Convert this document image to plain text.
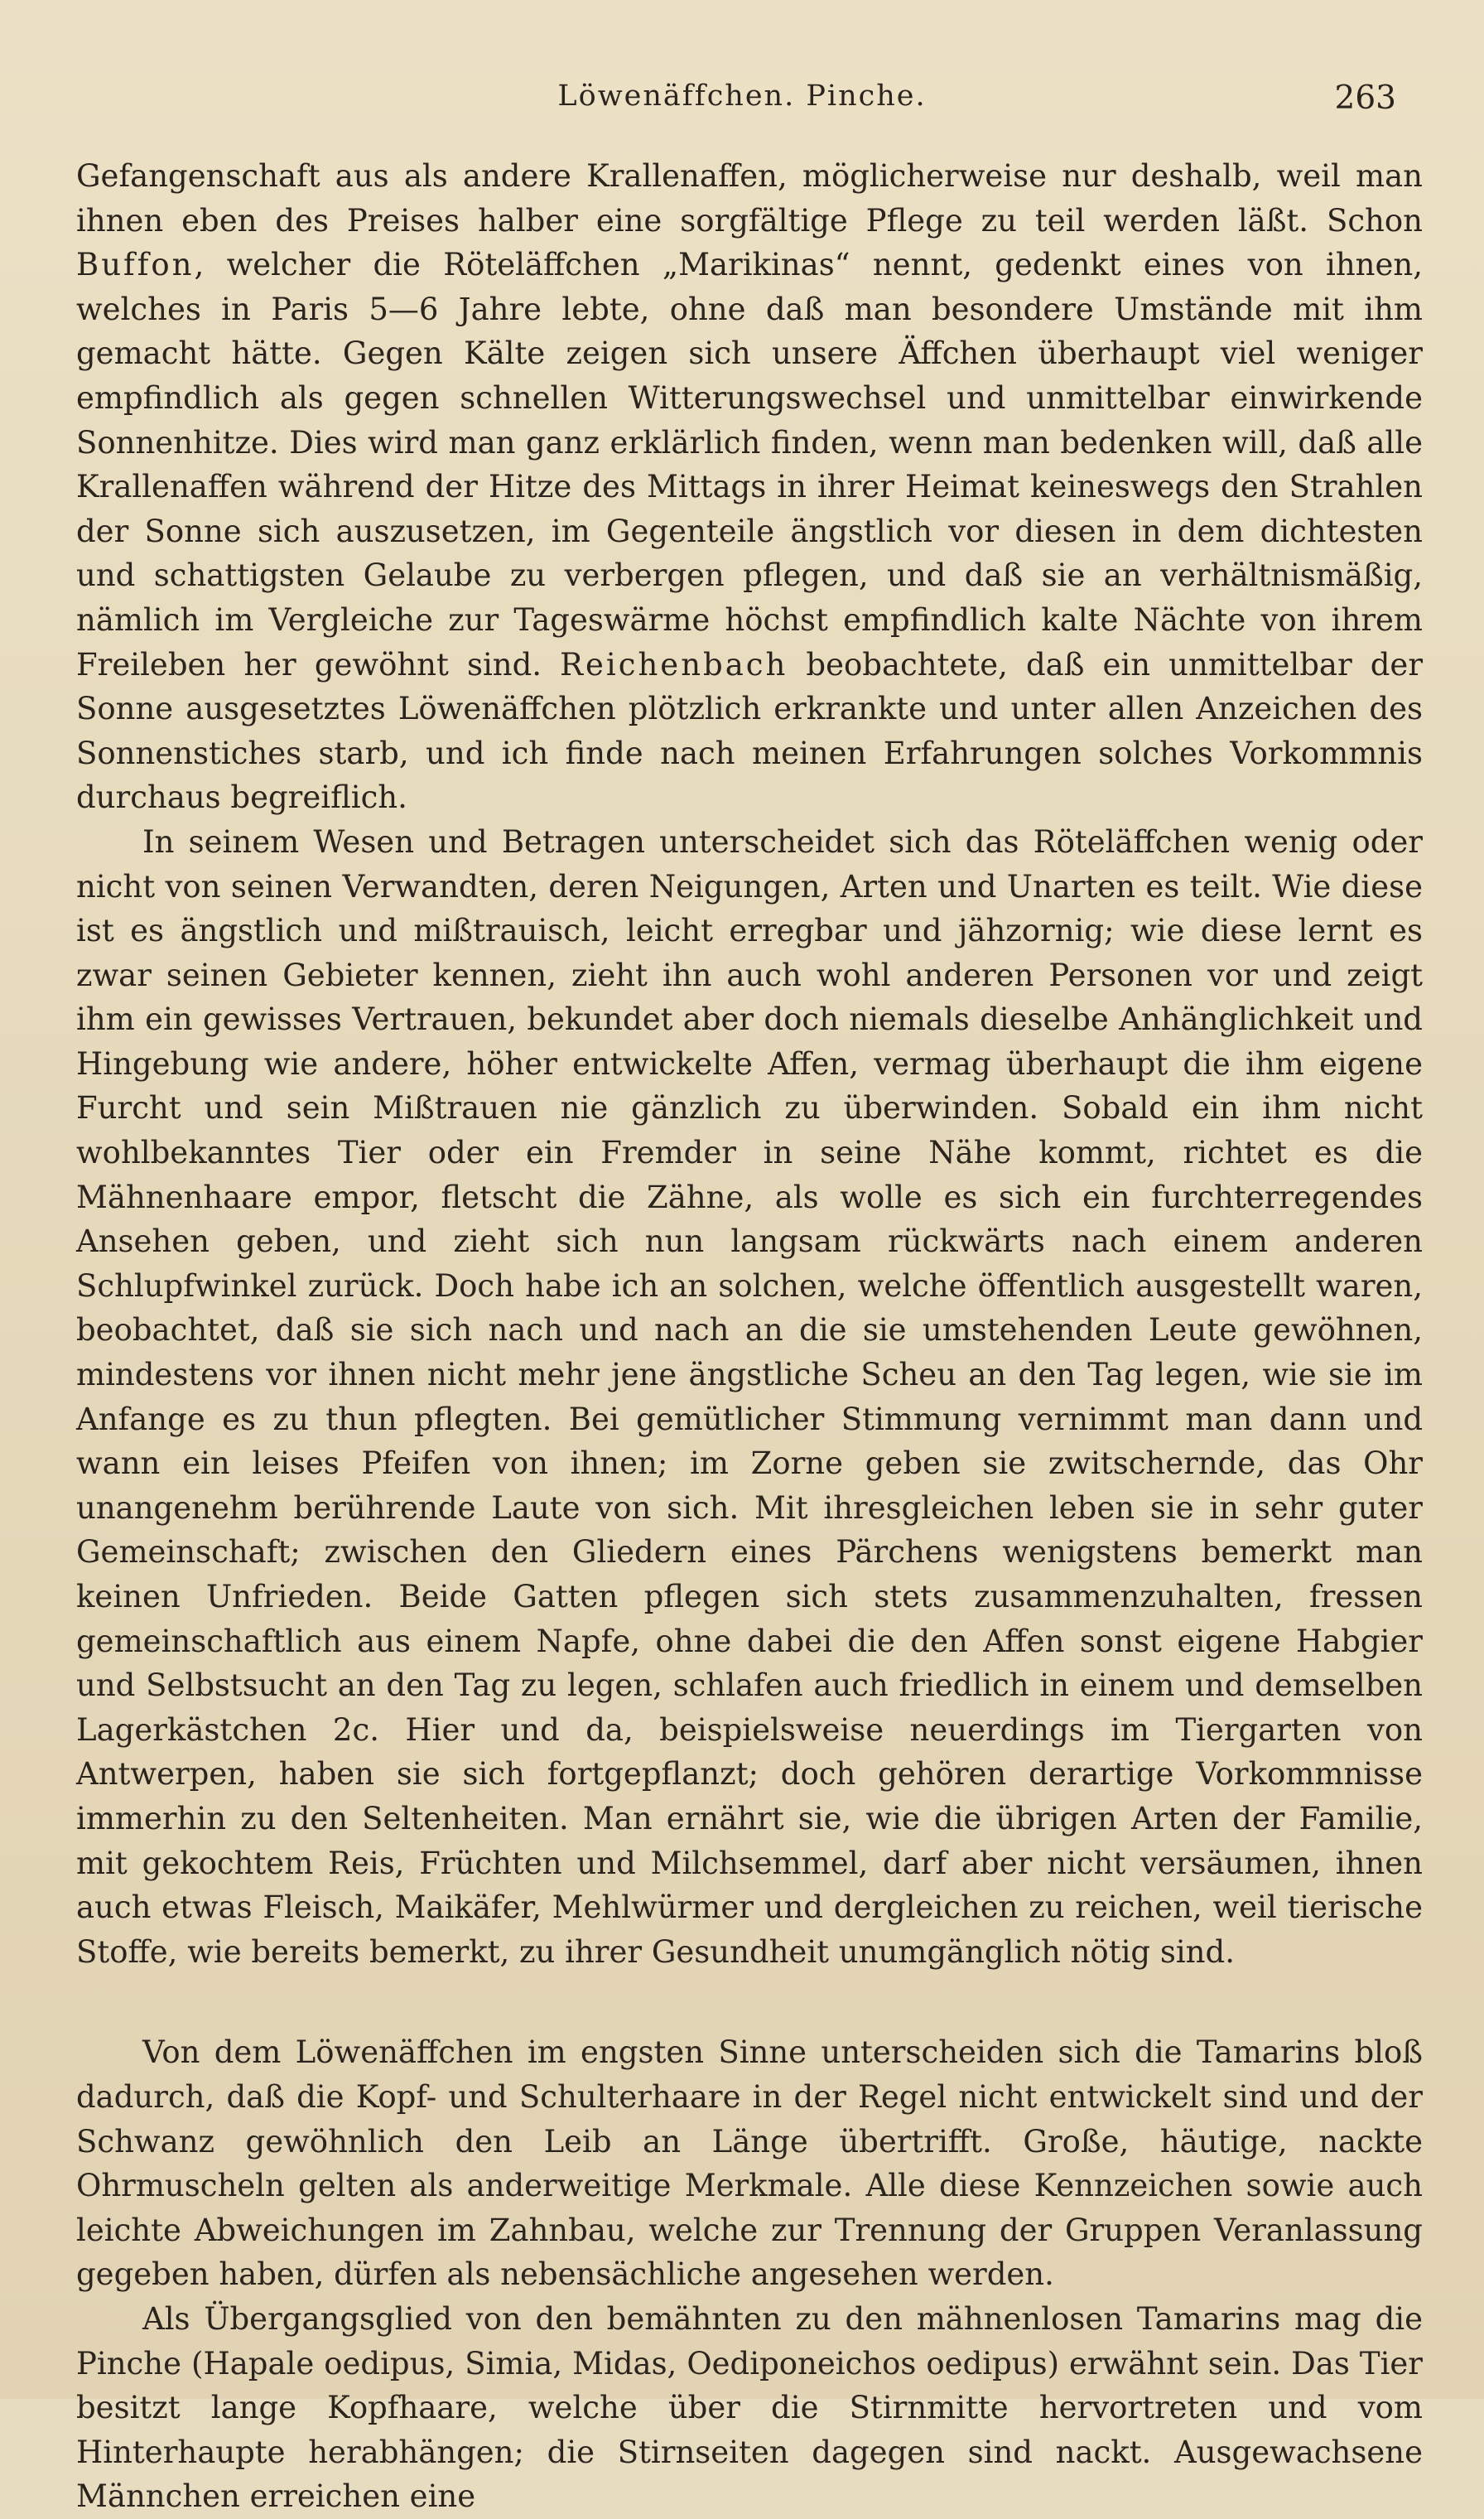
Löwenäffchen. Pinche.	263

Gefangenschaft aus als andere Krallenaffen, möglicherweise nur deshalb, weil man ihnen eben des Preises halber eine sorgfältige Pflege zu teil werden läßt. Schon Buffon, welcher die Röteläffchen „Marikinas“ nennt, gedenkt eines von ihnen, welches in Paris 5—6 Jahre lebte, ohne daß man besondere Umstände mit ihm gemacht hätte. Gegen Kälte zeigen sich unsere Äffchen überhaupt viel weniger empfindlich als gegen schnellen Witterungswechsel und unmittelbar einwirkende Sonnenhitze. Dies wird man ganz erklärlich finden, wenn man bedenken will, daß alle Krallenaffen während der Hitze des Mittags in ihrer Heimat keineswegs den Strahlen der Sonne sich auszusetzen, im Gegenteile ängstlich vor diesen in dem dichtesten und schattigsten Gelaube zu verbergen pflegen, und daß sie an verhältnismäßig, nämlich im Vergleiche zur Tageswärme höchst empfindlich kalte Nächte von ihrem Freileben her gewöhnt sind. Reichenbach beobachtete, daß ein unmittelbar der Sonne ausgesetztes Löwenäffchen plötzlich erkrankte und unter allen Anzeichen des Sonnenstiches starb, und ich finde nach meinen Erfahrungen solches Vorkommnis durchaus begreiflich.

In seinem Wesen und Betragen unterscheidet sich das Röteläffchen wenig oder nicht von seinen Verwandten, deren Neigungen, Arten und Unarten es teilt. Wie diese ist es ängstlich und mißtrauisch, leicht erregbar und jähzornig; wie diese lernt es zwar seinen Gebieter kennen, zieht ihn auch wohl anderen Personen vor und zeigt ihm ein gewisses Vertrauen, bekundet aber doch niemals dieselbe Anhänglichkeit und Hingebung wie andere, höher entwickelte Affen, vermag überhaupt die ihm eigene Furcht und sein Mißtrauen nie gänzlich zu überwinden. Sobald ein ihm nicht wohlbekanntes Tier oder ein Fremder in seine Nähe kommt, richtet es die Mähnenhaare empor, fletscht die Zähne, als wolle es sich ein furchterregendes Ansehen geben, und zieht sich nun langsam rückwärts nach einem anderen Schlupfwinkel zurück. Doch habe ich an solchen, welche öffentlich ausgestellt waren, beobachtet, daß sie sich nach und nach an die sie umstehenden Leute gewöhnen, mindestens vor ihnen nicht mehr jene ängstliche Scheu an den Tag legen, wie sie im Anfange es zu thun pflegten. Bei gemütlicher Stimmung vernimmt man dann und wann ein leises Pfeifen von ihnen; im Zorne geben sie zwitschernde, das Ohr unangenehm berührende Laute von sich. Mit ihresgleichen leben sie in sehr guter Gemeinschaft; zwischen den Gliedern eines Pärchens wenigstens bemerkt man keinen Unfrieden. Beide Gatten pflegen sich stets zusammenzuhalten, fressen gemeinschaftlich aus einem Napfe, ohne dabei die den Affen sonst eigene Habgier und Selbstsucht an den Tag zu legen, schlafen auch friedlich in einem und demselben Lagerkästchen 2c. Hier und da, beispielsweise neuerdings im Tiergarten von Antwerpen, haben sie sich fortgepflanzt; doch gehören derartige Vorkommnisse immerhin zu den Seltenheiten. Man ernährt sie, wie die übrigen Arten der Familie, mit gekochtem Reis, Früchten und Milchsemmel, darf aber nicht versäumen, ihnen auch etwas Fleisch, Maikäfer, Mehlwürmer und dergleichen zu reichen, weil tierische Stoffe, wie bereits bemerkt, zu ihrer Gesundheit unumgänglich nötig sind.

Von dem Löwenäffchen im engsten Sinne unterscheiden sich die Tamarins bloß dadurch, daß die Kopf- und Schulterhaare in der Regel nicht entwickelt sind und der Schwanz gewöhnlich den Leib an Länge übertrifft. Große, häutige, nackte Ohrmuscheln gelten als anderweitige Merkmale. Alle diese Kennzeichen sowie auch leichte Abweichungen im Zahnbau, welche zur Trennung der Gruppen Veranlassung gegeben haben, dürfen als nebensächliche angesehen werden.

Als Übergangsglied von den bemähnten zu den mähnenlosen Tamarins mag die Pinche (Hapale oedipus, Simia, Midas, Oediponeichos oedipus) erwähnt sein. Das Tier besitzt lange Kopfhaare, welche über die Stirnmitte hervortreten und vom Hinterhaupte herabhängen; die Stirnseiten dagegen sind nackt. Ausgewachsene Männchen erreichen eine
